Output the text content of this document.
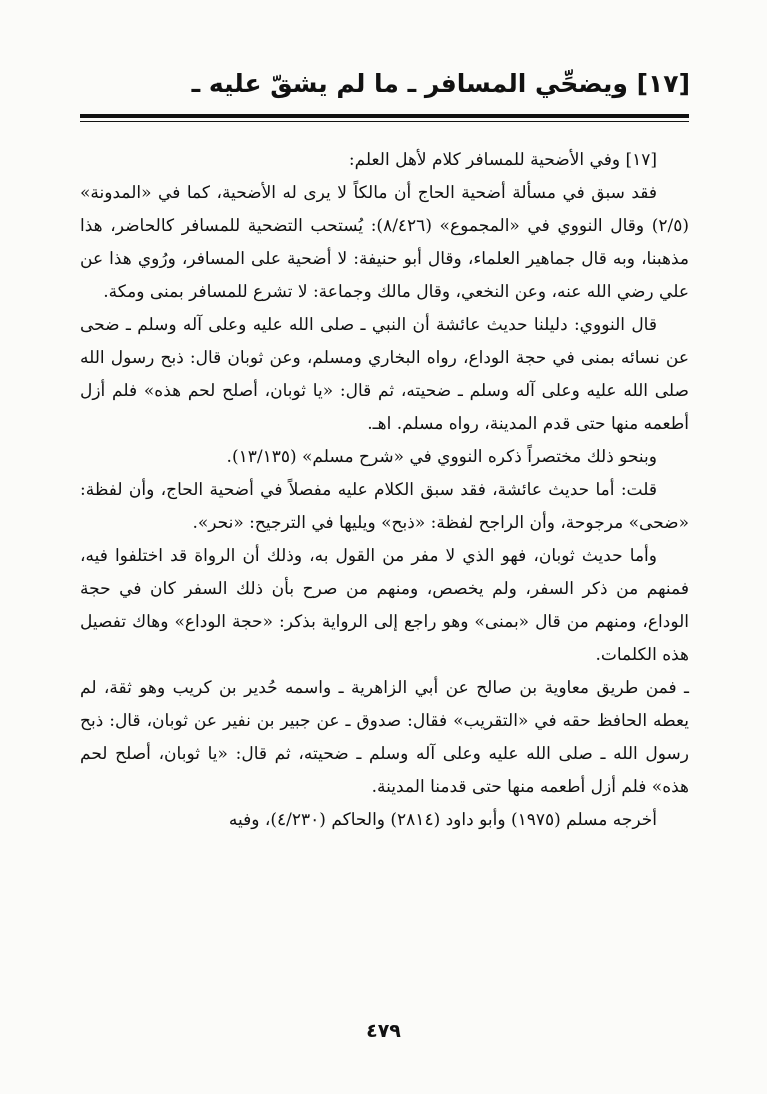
[١٧] ويضحِّي المسافر ـ ما لم يشقّ عليه ـ

[١٧] وفي الأضحية للمسافر كلام لأهل العلم:

فقد سبق في مسألة أضحية الحاج أن مالكاً لا يرى له الأضحية، كما في «المدونة» (٢/٥) وقال النووي في «المجموع» (٨/٤٢٦): يُستحب التضحية للمسافر كالحاضر، هذا مذهبنا، وبه قال جماهير العلماء، وقال أبو حنيفة: لا أضحية على المسافر، ورُوي هذا عن علي رضي الله عنه، وعن النخعي، وقال مالك وجماعة: لا تشرع للمسافر بمنى ومكة.

قال النووي: دليلنا حديث عائشة أن النبي ـ صلى الله عليه وعلى آله وسلم ـ ضحى عن نسائه بمنى في حجة الوداع، رواه البخاري ومسلم، وعن ثوبان قال: ذبح رسول الله صلى الله عليه وعلى آله وسلم ـ ضحيته، ثم قال: «يا ثوبان، أصلح لحم هذه» فلم أزل أطعمه منها حتى قدم المدينة، رواه مسلم. اهـ.

وبنحو ذلك مختصراً ذكره النووي في «شرح مسلم» (١٣/١٣٥).

قلت: أما حديث عائشة، فقد سبق الكلام عليه مفصلاً في أضحية الحاج، وأن لفظة: «ضحى» مرجوحة، وأن الراجح لفظة: «ذبح» ويليها في الترجيح: «نحر».

وأما حديث ثوبان، فهو الذي لا مفر من القول به، وذلك أن الرواة قد اختلفوا فيه، فمنهم من ذكر السفر، ولم يخصص، ومنهم من صرح بأن ذلك السفر كان في حجة الوداع، ومنهم من قال «بمنى» وهو راجع إلى الرواية بذكر: «حجة الوداع» وهاك تفصيل هذه الكلمات.

ـ فمن طريق معاوية بن صالح عن أبي الزاهرية ـ واسمه حُدير بن كريب وهو ثقة، لم يعطه الحافظ حقه في «التقريب» فقال: صدوق ـ عن جبير بن نفير عن ثوبان، قال: ذبح رسول الله ـ صلى الله عليه وعلى آله وسلم ـ ضحيته، ثم قال: «يا ثوبان، أصلح لحم هذه» فلم أزل أطعمه منها حتى قدمنا المدينة.

أخرجه مسلم (١٩٧٥) وأبو داود (٢٨١٤) والحاكم (٤/٢٣٠)، وفيه

٤٧٩
